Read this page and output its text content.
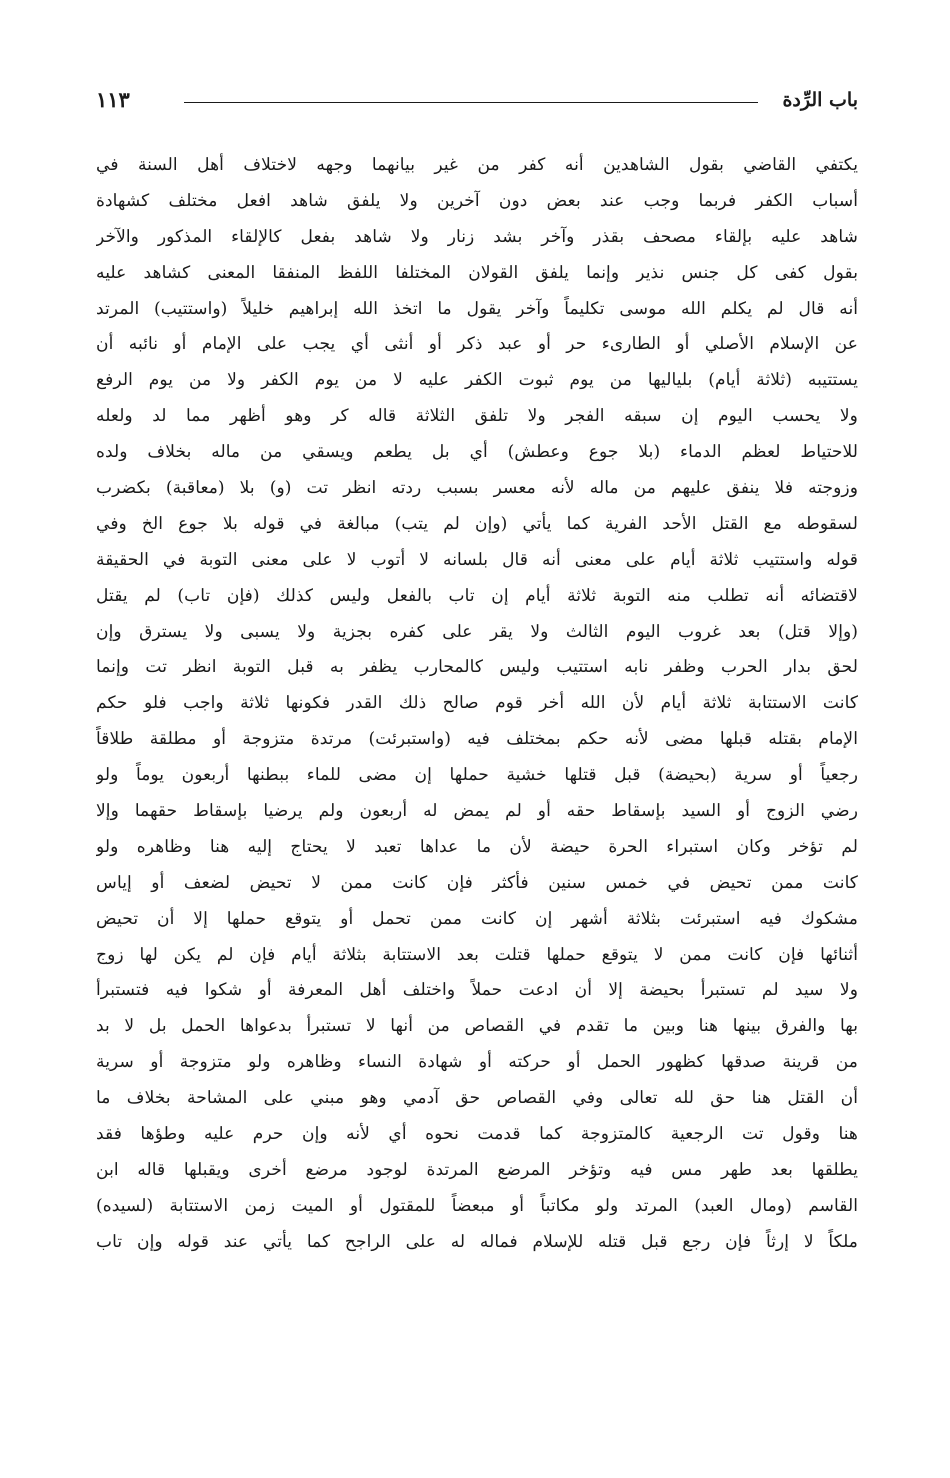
باب الرِّدة
١١٣
يكتفي القاضي بقول الشاهدين أنه كفر من غير بيانهما وجهه لاختلاف أهل السنة في
أسباب الكفر فربما وجب عند بعض دون آخرين ولا يلفق شاهد افعل مختلف كشهادة
شاهد عليه بإلقاء مصحف بقذر وآخر بشد زنار ولا شاهد بفعل كالإلقاء المذكور والآخر
بقول كفى كل جنس نذير وإنما يلفق القولان المختلفا اللفظ المنفقا المعنى كشاهد عليه
أنه قال لم يكلم الله موسى تكليماً وآخر يقول ما اتخذ الله إبراهيم خليلاً (واستتيب) المرتد
عن الإسلام الأصلي أو الطارىء حر أو عبد ذكر أو أنثى أي يجب على الإمام أو نائبه أن
يستتيبه (ثلاثة أيام) بلياليها من يوم ثبوت الكفر عليه لا من يوم الكفر ولا من يوم الرفع
ولا يحسب اليوم إن سبقه الفجر ولا تلفق الثلاثة قاله كر وهو أظهر مما لد ولعله
للاحتياط لعظم الدماء (بلا جوع وعطش) أي بل يطعم ويسقي من ماله بخلاف ولده
وزوجته فلا ينفق عليهم من ماله لأنه معسر بسبب ردته انظر تت (و) بلا (معاقبة) بكضرب
لسقوطه مع القتل الأحد الفرية كما يأتي (وإن لم يتب) مبالغة في قوله بلا جوع الخ وفي
قوله واستتيب ثلاثة أيام على معنى أنه قال بلسانه لا أتوب لا على معنى التوبة في الحقيقة
لاقتضائه أنه تطلب منه التوبة ثلاثة أيام إن تاب بالفعل وليس كذلك (فإن تاب) لم يقتل
(وإلا قتل) بعد غروب اليوم الثالث ولا يقر على كفره بجزية ولا يسبى ولا يسترق وإن
لحق بدار الحرب وظفر نابه استتيب وليس كالمحارب يظفر به قبل التوبة انظر تت وإنما
كانت الاستتابة ثلاثة أيام لأن الله أخر قوم صالح ذلك القدر فكونها ثلاثة واجب فلو حكم
الإمام بقتله قبلها مضى لأنه حكم بمختلف فيه (واستبرئت) مرتدة متزوجة أو مطلقة طلاقاً
رجعياً أو سرية (بحيضة) قبل قتلها خشية حملها إن مضى للماء ببطنها أربعون يوماً ولو
رضي الزوج أو السيد بإسقاط حقه أو لم يمض له أربعون ولم يرضيا بإسقاط حقهما وإلا
لم تؤخر وكان استبراء الحرة حيضة لأن ما عداها تعبد لا يحتاج إليه هنا وظاهره ولو
كانت ممن تحيض في خمس سنين فأكثر فإن كانت ممن لا تحيض لضعف أو إياس
مشكوك فيه استبرئت بثلاثة أشهر إن كانت ممن تحمل أو يتوقع حملها إلا أن تحيض
أثنائها فإن كانت ممن لا يتوقع حملها قتلت بعد الاستتابة بثلاثة أيام فإن لم يكن لها زوج
ولا سيد لم تستبرأ بحيضة إلا أن ادعت حملاً واختلف أهل المعرفة أو شكوا فيه فتستبرأ
بها والفرق بينها هنا وبين ما تقدم في القصاص من أنها لا تستبرأ بدعواها الحمل بل لا بد
من قرينة صدقها كظهور الحمل أو حركته أو شهادة النساء وظاهره ولو متزوجة أو سرية
أن القتل هنا حق لله تعالى وفي القصاص حق آدمي وهو مبني على المشاحة بخلاف ما
هنا وقول تت الرجعية كالمتزوجة كما قدمت نحوه أي لأنه وإن حرم عليه وطؤها فقد
يطلقها بعد طهر مس فيه وتؤخر المرضع المرتدة لوجود مرضع أخرى ويقبلها قاله ابن
القاسم (ومال العبد) المرتد ولو مكاتباً أو مبعضاً للمقتول أو الميت زمن الاستتابة (لسيده)
ملكاً لا إرثاً فإن رجع قبل قتله للإسلام فماله له على الراجح كما يأتي عند قوله وإن تاب
